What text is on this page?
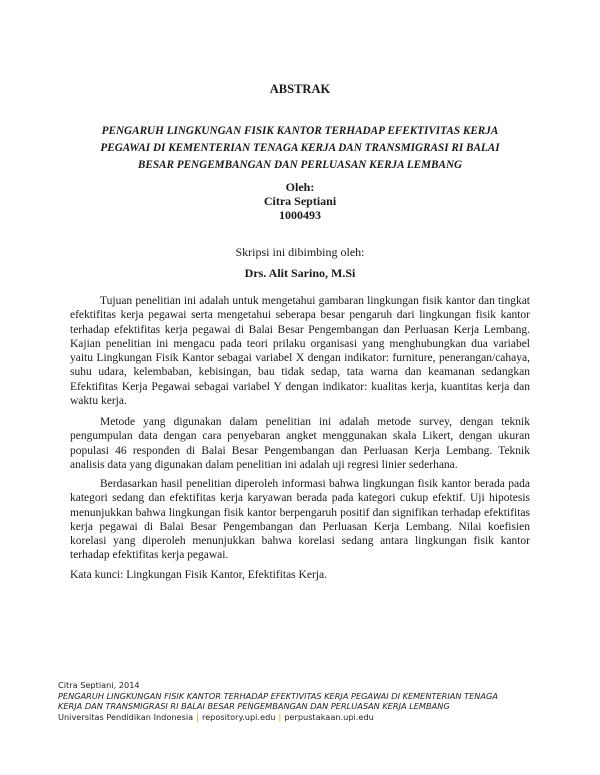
ABSTRAK
PENGARUH LINGKUNGAN FISIK KANTOR TERHADAP EFEKTIVITAS KERJA
PEGAWAI DI KEMENTERIAN TENAGA KERJA DAN TRANSMIGRASI RI BALAI
BESAR PENGEMBANGAN DAN PERLUASAN KERJA LEMBANG
Oleh:
Citra Septiani
1000493
Skripsi ini dibimbing oleh:
Drs. Alit Sarino, M.Si

Tujuan penelitian ini adalah untuk mengetahui gambaran lingkungan fisik kantor dan tingkat efektifitas kerja pegawai serta mengetahui seberapa besar pengaruh dari lingkungan fisik kantor terhadap efektifitas kerja pegawai di Balai Besar Pengembangan dan Perluasan Kerja Lembang. Kajian penelitian ini mengacu pada teori prilaku organisasi yang menghubungkan dua variabel yaitu Lingkungan Fisik Kantor sebagai variabel X dengan indikator: furniture, penerangan/cahaya, suhu udara, kelembaban, kebisingan, bau tidak sedap, tata warna dan keamanan sedangkan Efektifitas Kerja Pegawai sebagai variabel Y dengan indikator: kualitas kerja, kuantitas kerja dan waktu kerja.

Metode yang digunakan dalam penelitian ini adalah metode survey, dengan teknik pengumpulan data dengan cara penyebaran angket menggunakan skala Likert, dengan ukuran populasi 46 responden di Balai Besar Pengembangan dan Perluasan Kerja Lembang. Teknik analisis data yang digunakan dalam penelitian ini adalah uji regresi linier sederhana.

Berdasarkan hasil penelitian diperoleh informasi bahwa lingkungan fisik kantor berada pada kategori sedang dan efektifitas kerja karyawan berada pada kategori cukup efektif. Uji hipotesis menunjukkan bahwa lingkungan fisik kantor berpengaruh positif dan signifikan terhadap efektifitas kerja pegawai di Balai Besar Pengembangan dan Perluasan Kerja Lembang. Nilai koefisien korelasi yang diperoleh menunjukkan bahwa korelasi sedang antara lingkungan fisik kantor terhadap efektifitas kerja pegawai.

Kata kunci: Lingkungan Fisik Kantor, Efektifitas Kerja.
Citra Septiani, 2014
PENGARUH LINGKUNGAN FISIK KANTOR TERHADAP EFEKTIVITAS KERJA PEGAWAI DI KEMENTERIAN TENAGA
KERJA DAN TRANSMIGRASI RI BALAI BESAR PENGEMBANGAN DAN PERLUASAN KERJA LEMBANG
Universitas Pendidikan Indonesia | repository.upi.edu | perpustakaan.upi.edu
